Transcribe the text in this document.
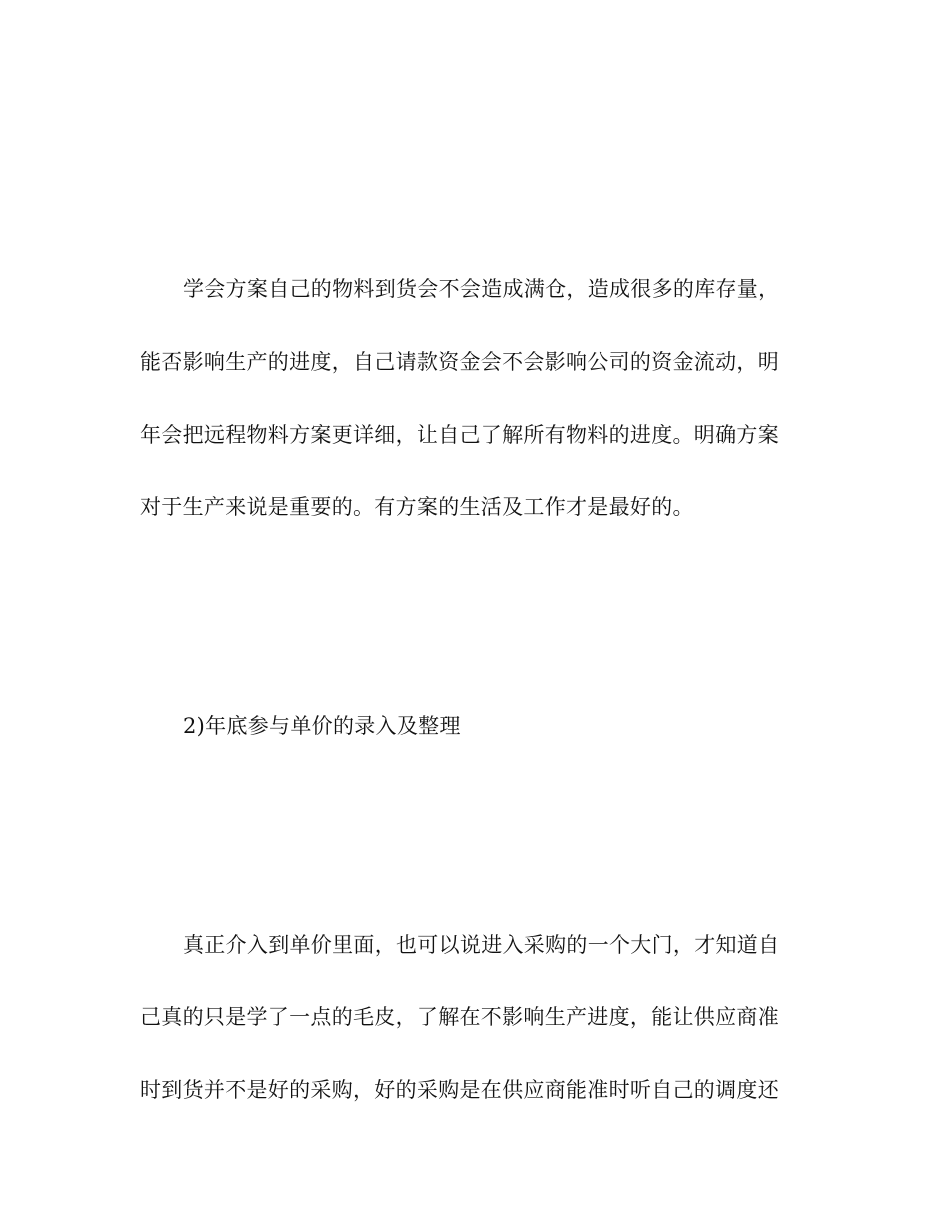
学会方案自己的物料到货会不会造成满仓，造成很多的库存量，
能否影响生产的进度，自己请款资金会不会影响公司的资金流动，明
年会把远程物料方案更详细，让自己了解所有物料的进度。明确方案
对于生产来说是重要的。有方案的生活及工作才是最好的。
2)年底参与单价的录入及整理
真正介入到单价里面，也可以说进入采购的一个大门，才知道自
己真的只是学了一点的毛皮，了解在不影响生产进度，能让供应商准
时到货并不是好的采购，好的采购是在供应商能准时听自己的调度还
